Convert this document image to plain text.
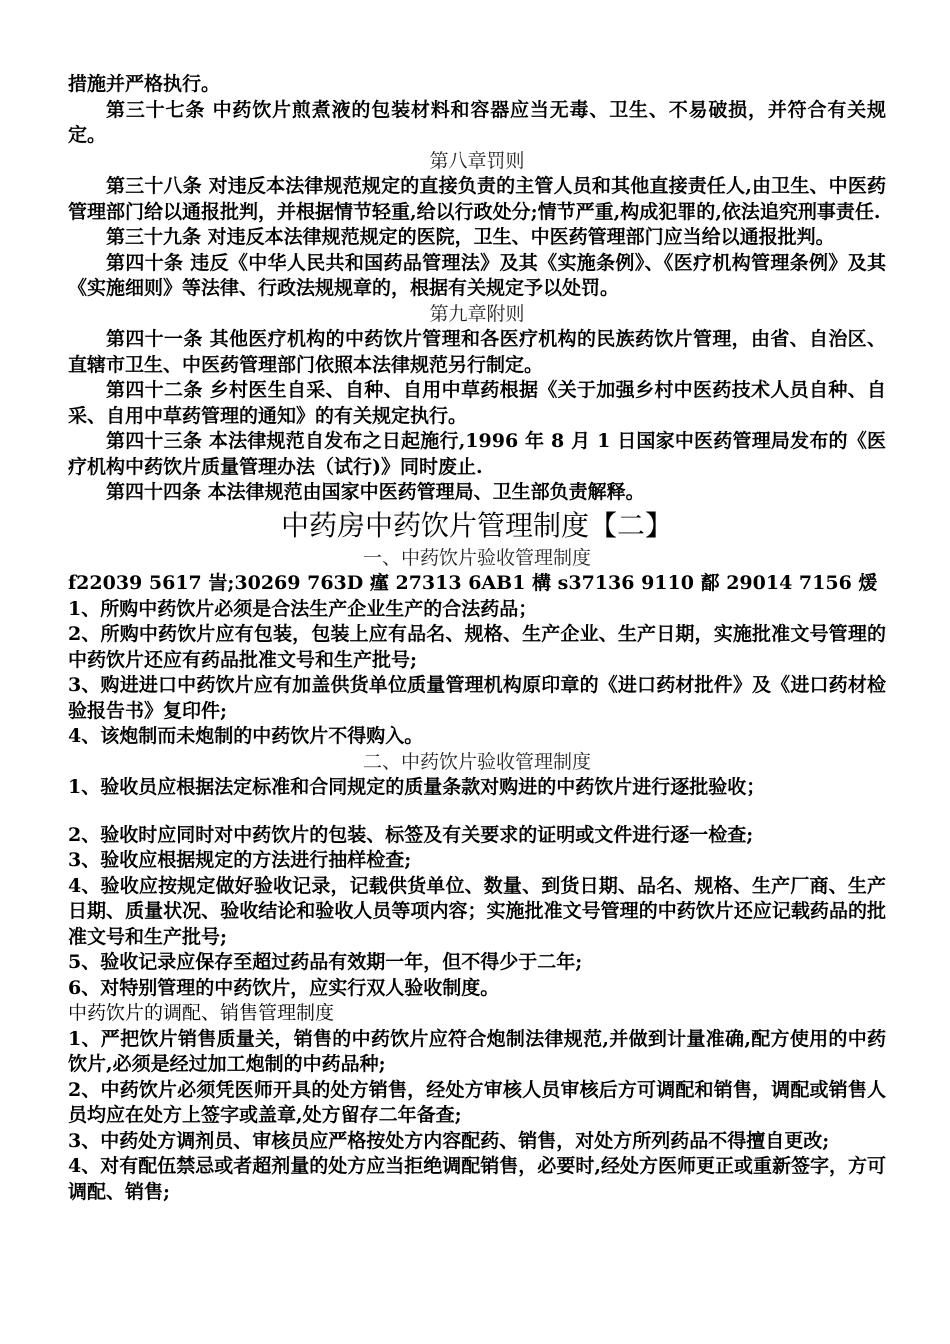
措施并严格执行。

第三十七条 中药饮片煎煮液的包装材料和容器应当无毒、卫生、不易破损，并符合有关规定。

第八章罚则

第三十八条 对违反本法律规范规定的直接负责的主管人员和其他直接责任人,由卫生、中医药管理部门给以通报批判，并根据情节轻重,给以行政处分;情节严重,构成犯罪的,依法追究刑事责任.

第三十九条 对违反本法律规范规定的医院，卫生、中医药管理部门应当给以通报批判。

第四十条 违反《中华人民共和国药品管理法》及其《实施条例》、《医疗机构管理条例》及其《实施细则》等法律、行政法规规章的，根据有关规定予以处罚。

第九章附则

第四十一条 其他医疗机构的中药饮片管理和各医疗机构的民族药饮片管理，由省、自治区、直辖市卫生、中医药管理部门依照本法律规范另行制定。

第四十二条 乡村医生自采、自种、自用中草药根据《关于加强乡村中医药技术人员自种、自采、自用中草药管理的通知》的有关规定执行。

第四十三条 本法律规范自发布之日起施行,1996 年 8 月 1 日国家中医药管理局发布的《医疗机构中药饮片质量管理办法（试行)》同时废止.

第四十四条 本法律规范由国家中医药管理局、卫生部负责解释。

中药房中药饮片管理制度【二】

一、中药饮片验收管理制度

f22039 5617 訔;30269 763D 瘽 27313 6AB1 構 s37136 9110 鄐 29014 7156 煖

1、所购中药饮片必须是合法生产企业生产的合法药品；

2、所购中药饮片应有包装，包装上应有品名、规格、生产企业、生产日期，实施批准文号管理的中药饮片还应有药品批准文号和生产批号;

3、购进进口中药饮片应有加盖供货单位质量管理机构原印章的《进口药材批件》及《进口药材检验报告书》复印件;

4、该炮制而未炮制的中药饮片不得购入。

二、中药饮片验收管理制度

1、验收员应根据法定标准和合同规定的质量条款对购进的中药饮片进行逐批验收；

2、验收时应同时对中药饮片的包装、标签及有关要求的证明或文件进行逐一检查;

3、验收应根据规定的方法进行抽样检查;

4、验收应按规定做好验收记录，记载供货单位、数量、到货日期、品名、规格、生产厂商、生产日期、质量状况、验收结论和验收人员等项内容；实施批准文号管理的中药饮片还应记载药品的批准文号和生产批号;

5、验收记录应保存至超过药品有效期一年，但不得少于二年;

6、对特别管理的中药饮片，应实行双人验收制度。

中药饮片的调配、销售管理制度

1、严把饮片销售质量关，销售的中药饮片应符合炮制法律规范,并做到计量准确,配方使用的中药饮片,必须是经过加工炮制的中药品种;

2、中药饮片必须凭医师开具的处方销售，经处方审核人员审核后方可调配和销售，调配或销售人员均应在处方上签字或盖章,处方留存二年备查;

3、中药处方调剂员、审核员应严格按处方内容配药、销售，对处方所列药品不得擅自更改;

4、对有配伍禁忌或者超剂量的处方应当拒绝调配销售，必要时,经处方医师更正或重新签字，方可调配、销售;
